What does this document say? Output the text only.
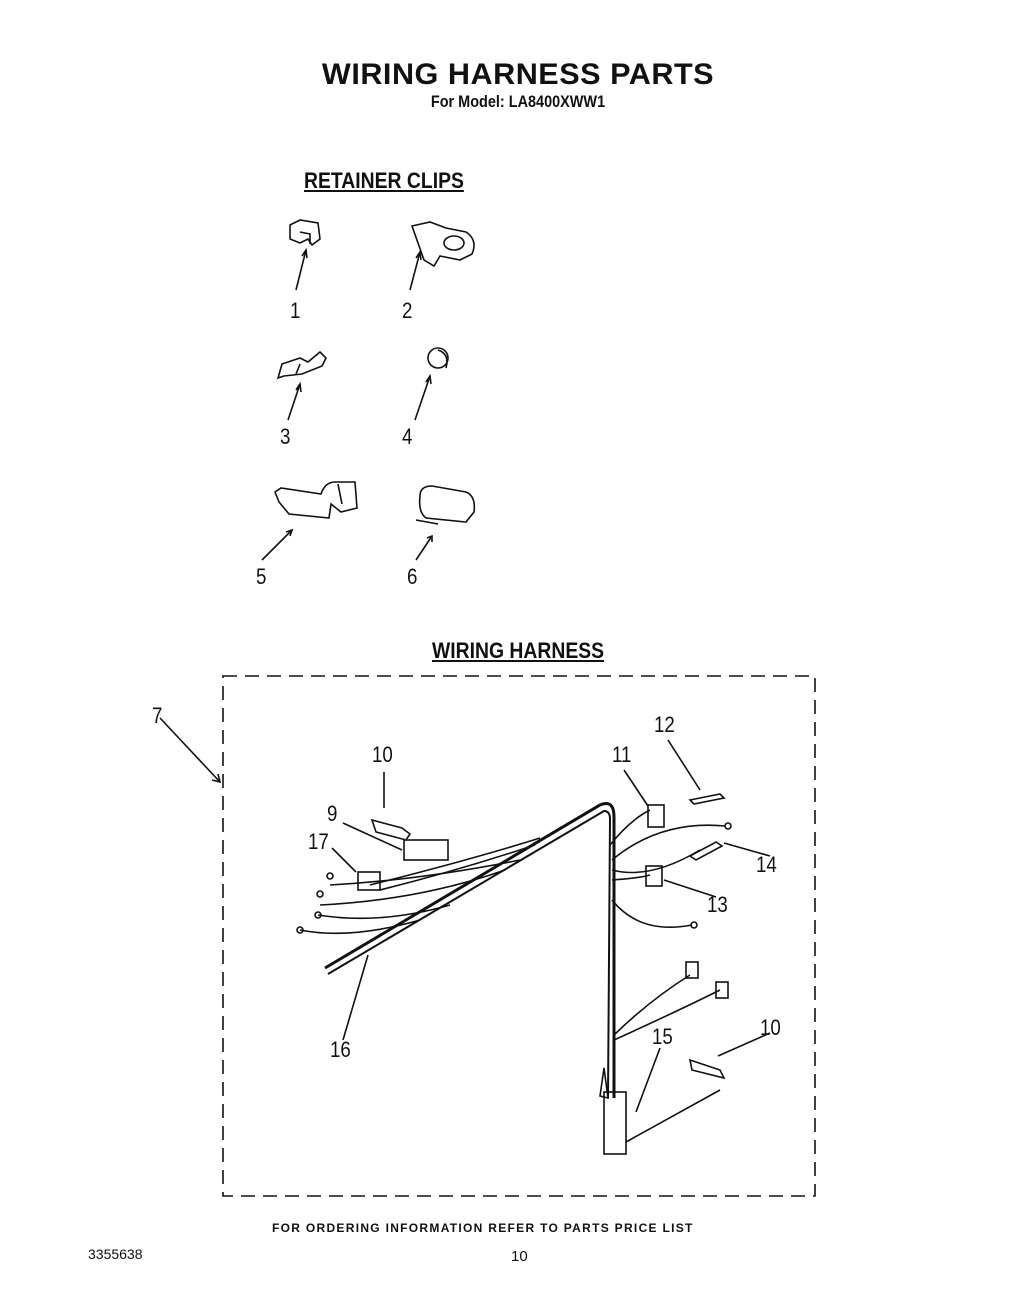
WIRING HARNESS PARTS
For Model: LA8400XWW1
RETAINER CLIPS
WIRING HARNESS
1	2
3	4
5	6
7
10
9
17
16
11
12
14
13
10
15
FOR ORDERING INFORMATION REFER TO PARTS PRICE LIST
3355638	10
